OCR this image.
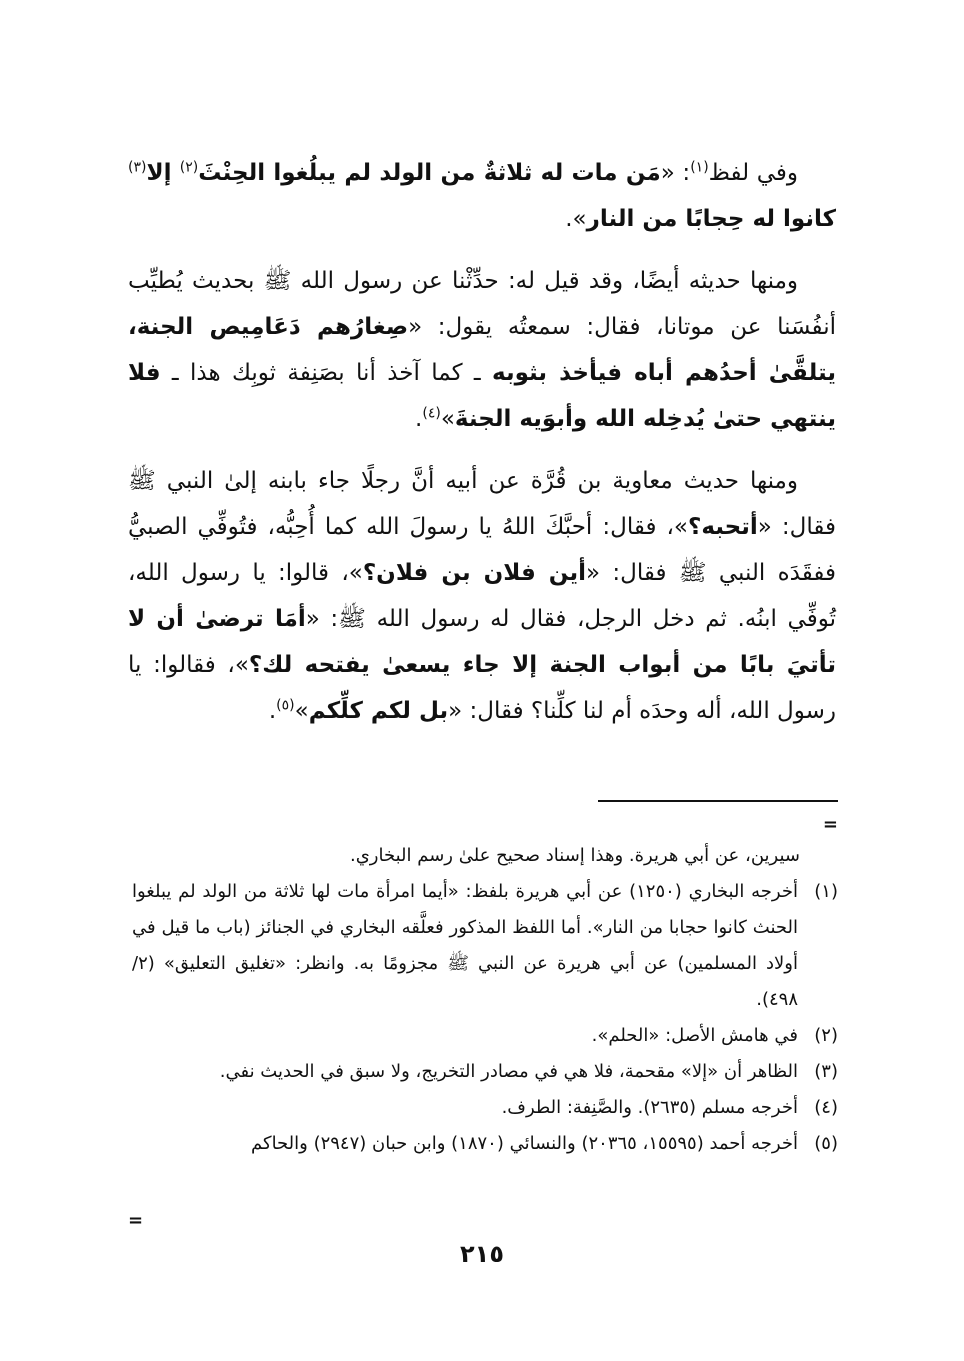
وفي لفظ$^{(١)}$: «مَن مات له ثلاثةٌ من الولد لم يبلُغوا الحِنْثَ$^{(٢)}$ إلا$^{(٣)}$ كانوا له حِجابًا من النار».

ومنها حديثه أيضًا، وقد قيل له: حدِّثْنا عن رسول الله ﷺ بحديث يُطيِّب أنفُسَنا عن موتانا، فقال: سمعتُه يقول: «صِغارُهم دَعَامِيص الجنة، يتلقَّىٰ أحدُهم أباه فيأخذ بثوبه ـ كما آخذ أنا بصَنِفة ثوبِك هذا ـ فلا ينتهي حتىٰ يُدخِله الله وأبوَيه الجنةَ»$^{(٤)}$.

ومنها حديث معاوية بن قُرَّة عن أبيه أنَّ رجلًا جاء بابنه إلىٰ النبي ﷺ فقال: «أتحبه؟»، فقال: أحبَّكَ اللهُ يا رسولَ الله كما أُحِبُّه، فتُوفِّي الصبيُّ ففقَدَه النبي ﷺ فقال: «أين فلان بن فلان؟»، قالوا: يا رسول الله، تُوفِّي ابنُه. ثم دخل الرجل، فقال له رسول الله ﷺ: «أمَا ترضىٰ أن لا تأتيَ بابًا من أبواب الجنة إلا جاء يسعىٰ يفتحه لك؟»، فقالوا: يا رسول الله، أله وحدَه أم لنا كلِّنا؟ فقال: «بل لكم كلِّكم»$^{(٥)}$.

=
سيرين، عن أبي هريرة. وهذا إسناد صحيح علىٰ رسم البخاري.
(١)
أخرجه البخاري (١٢٥٠) عن أبي هريرة بلفظ: «أيما امرأة مات لها ثلاثة من الولد لم يبلغوا الحنث كانوا حجابا من النار». أما اللفظ المذكور فعلَّقه البخاري في الجنائز (باب ما قيل في أولاد المسلمين) عن أبي هريرة عن النبي ﷺ مجزومًا به. وانظر: «تغليق التعليق» (٢/ ٤٩٨).
(٢)
في هامش الأصل: «الحلم».
(٣)
الظاهر أن «إلا» مقحمة، فلا هي في مصادر التخريج، ولا سبق في الحديث نفي.
(٤)
أخرجه مسلم (٢٦٣٥). والصَّنِفة: الطرف.
(٥)
أخرجه أحمد (١٥٥٩٥، ٢٠٣٦٥) والنسائي (١٨٧٠) وابن حبان (٢٩٤٧) والحاكم
=
٢١٥
